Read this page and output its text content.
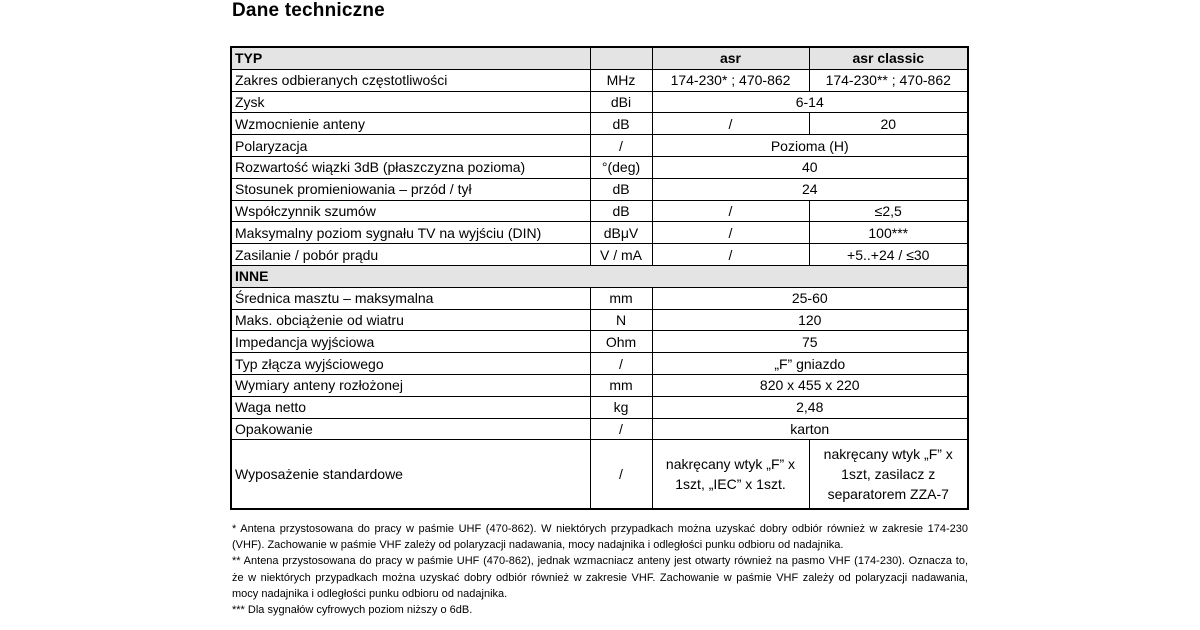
Dane techniczne
TYP		asr	asr classic
Zakres odbieranych częstotliwości	MHz	174-230* ; 470-862	174-230** ; 470-862
Zysk	dBi	6-14	
Wzmocnienie anteny	dB	/	20
Polaryzacja	/	Pozioma (H)	
Rozwartość wiązki 3dB (płaszczyzna pozioma)	°(deg)	40	
Stosunek promieniowania – przód / tył	dB	24	
Współczynnik szumów	dB	/	≤2,5
Maksymalny poziom sygnału TV na wyjściu (DIN)	dBμV	/	100***
Zasilanie / pobór prądu	V / mA	/	+5..+24 / ≤30
INNE			
Średnica masztu – maksymalna	mm	25-60	
Maks. obciążenie od wiatru	N	120	
Impedancja wyjściowa	Ohm	75	
Typ złącza wyjściowego	/	„F” gniazdo	
Wymiary anteny rozłożonej	mm	820 x 455 x 220	
Waga netto	kg	2,48	
Opakowanie	/	karton	
Wyposażenie standardowe	/	nakręcany wtyk „F” x 1szt, „IEC” x 1szt.	nakręcany wtyk „F” x 1szt, zasilacz z separatorem ZZA-7

* Antena przystosowana do pracy w paśmie UHF (470-862). W niektórych przypadkach można uzyskać dobry odbiór również w zakresie 174-230 (VHF). Zachowanie w paśmie VHF zależy od polaryzacji nadawania, mocy nadajnika i odległości punku odbioru od nadajnika.

** Antena przystosowana do pracy w paśmie UHF (470-862), jednak wzmacniacz anteny jest otwarty również na pasmo VHF (174-230). Oznacza to, że w niektórych przypadkach można uzyskać dobry odbiór również w zakresie VHF. Zachowanie w paśmie VHF zależy od polaryzacji nadawania, mocy nadajnika i odległości punku odbioru od nadajnika.

*** Dla sygnałów cyfrowych poziom niższy o 6dB.
